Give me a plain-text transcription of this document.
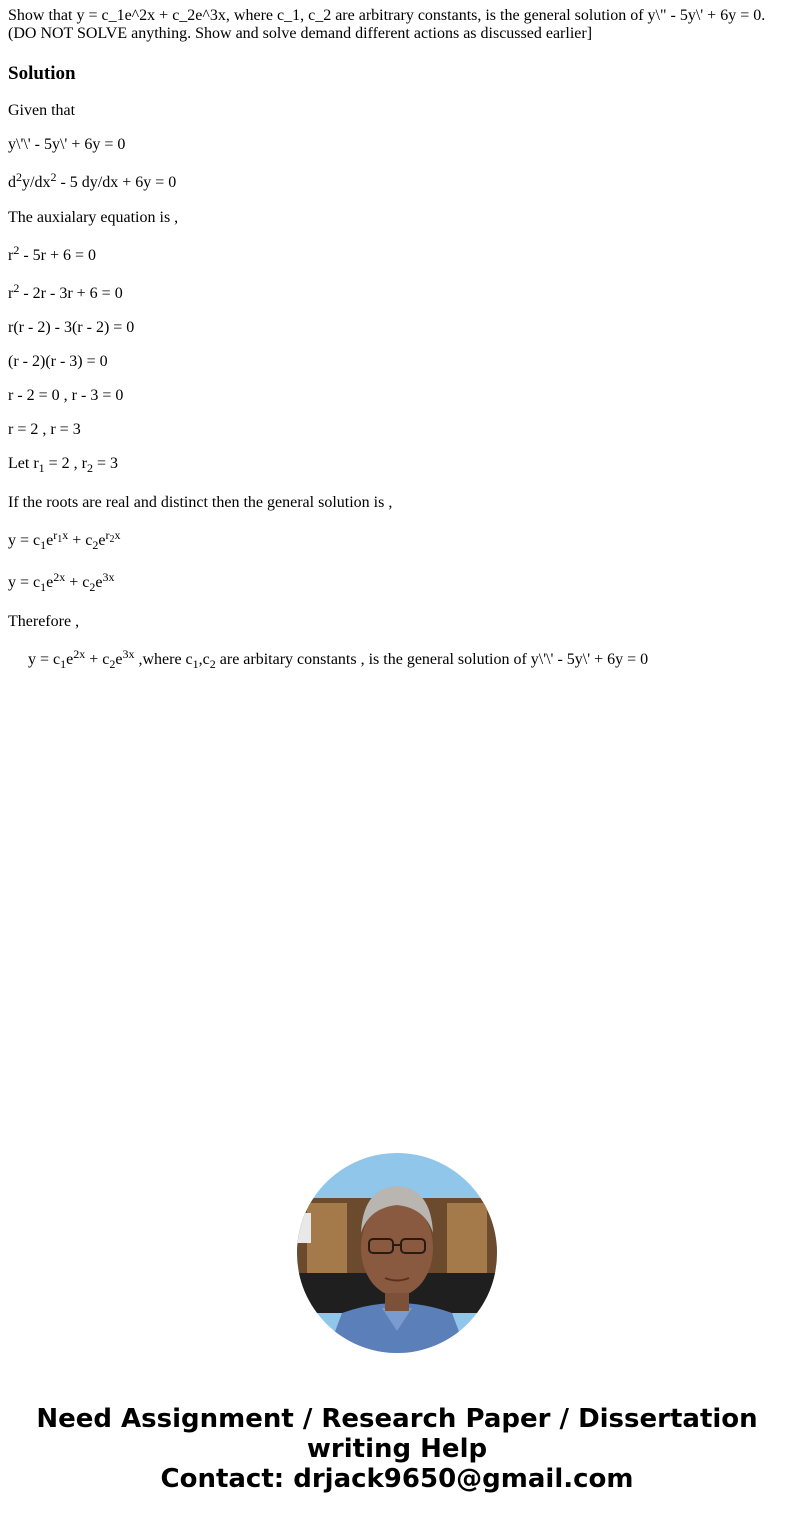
Show that y = c_1e^2x + c_2e^3x, where c_1, c_2 are arbitrary constants, is the general solution of y\" - 5y\' + 6y = 0. (DO NOT SOLVE anything. Show and solve demand different actions as discussed earlier]
Solution

Given that

y\'\' - 5y\' + 6y = 0

$d^2y/dx^2 - 5$ dy/dx + 6y = 0

The auxialary equation is ,

$r^2 - 5r + 6 = 0$

$r^2 - 2r - 3r + 6 = 0$

r(r - 2) - 3(r - 2) = 0

(r - 2)(r - 3) = 0

r - 2 = 0 , r - 3 = 0

r = 2 , r = 3

Let $r_1 = 2$ , $r_2 = 3$

If the roots are real and distinct then the general solution is ,

$y = c_1e^{r_1x} + c_2e^{r_2x}$

$y = c_1e^{2x} + c_2e^{3x}$

Therefore ,

$y = c_1e^{2x} + c_2e^{3x}$ ,where $c_1,c_2$ are arbitary constants , is the general solution of y\'\' - 5y\' + 6y = 0

Need Assignment / Research Paper / Dissertation
writing Help
Contact: drjack9650@gmail.com
